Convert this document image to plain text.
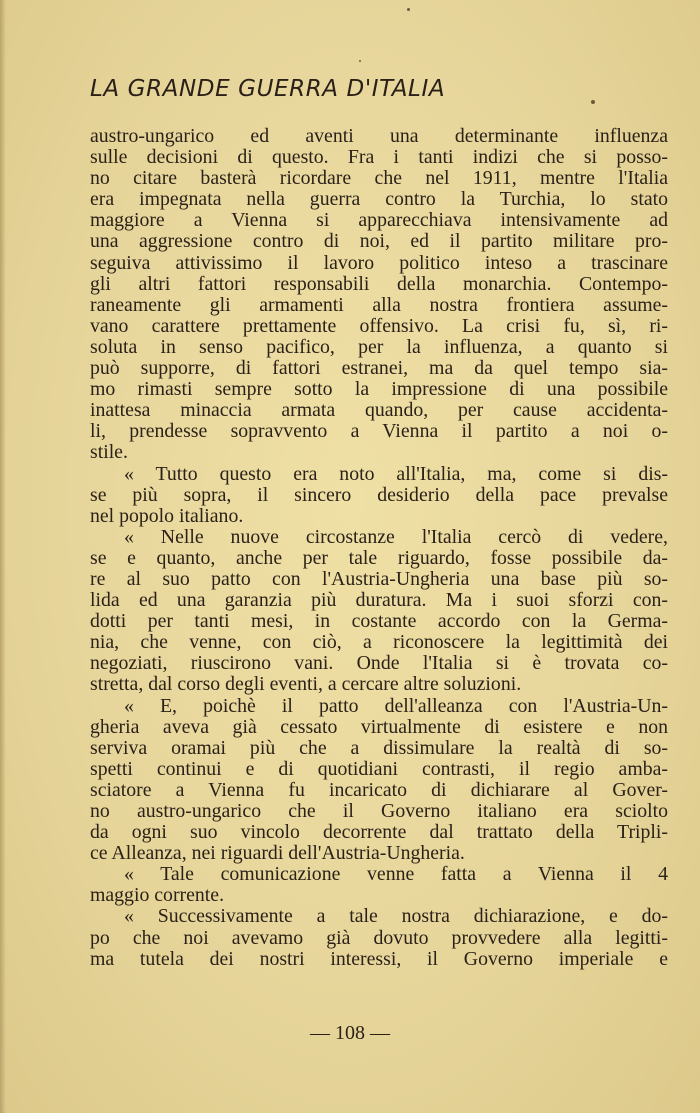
LA GRANDE GUERRA D'ITALIA
austro-ungarico ed aventi una determinante influenza
sulle decisioni di questo. Fra i tanti indizi che si posso-
no citare basterà ricordare che nel 1911, mentre l'Italia
era impegnata nella guerra contro la Turchia, lo stato
maggiore a Vienna si apparecchiava intensivamente ad
una aggressione contro di noi, ed il partito militare pro-
seguiva attivissimo il lavoro politico inteso a trascinare
gli altri fattori responsabili della monarchia. Contempo-
raneamente gli armamenti alla nostra frontiera assume-
vano carattere prettamente offensivo. La crisi fu, sì, ri-
soluta in senso pacifico, per la influenza, a quanto si
può supporre, di fattori estranei, ma da quel tempo sia-
mo rimasti sempre sotto la impressione di una possibile
inattesa minaccia armata quando, per cause accidenta-
li, prendesse sopravvento a Vienna il partito a noi o-
stile.
« Tutto questo era noto all'Italia, ma, come si dis-
se più sopra, il sincero desiderio della pace prevalse
nel popolo italiano.
« Nelle nuove circostanze l'Italia cercò di vedere,
se e quanto, anche per tale riguardo, fosse possibile da-
re al suo patto con l'Austria-Ungheria una base più so-
lida ed una garanzia più duratura. Ma i suoi sforzi con-
dotti per tanti mesi, in costante accordo con la Germa-
nia, che venne, con ciò, a riconoscere la legittimità dei
negoziati, riuscirono vani. Onde l'Italia si è trovata co-
stretta, dal corso degli eventi, a cercare altre soluzioni.
« E, poichè il patto dell'alleanza con l'Austria-Un-
gheria aveva già cessato virtualmente di esistere e non
serviva oramai più che a dissimulare la realtà di so-
spetti continui e di quotidiani contrasti, il regio amba-
sciatore a Vienna fu incaricato di dichiarare al Gover-
no austro-ungarico che il Governo italiano era sciolto
da ogni suo vincolo decorrente dal trattato della Tripli-
ce Alleanza, nei riguardi dell'Austria-Ungheria.
« Tale comunicazione venne fatta a Vienna il 4
maggio corrente.
« Successivamente a tale nostra dichiarazione, e do-
po che noi avevamo già dovuto provvedere alla legitti-
ma tutela dei nostri interessi, il Governo imperiale e
— 108 —
